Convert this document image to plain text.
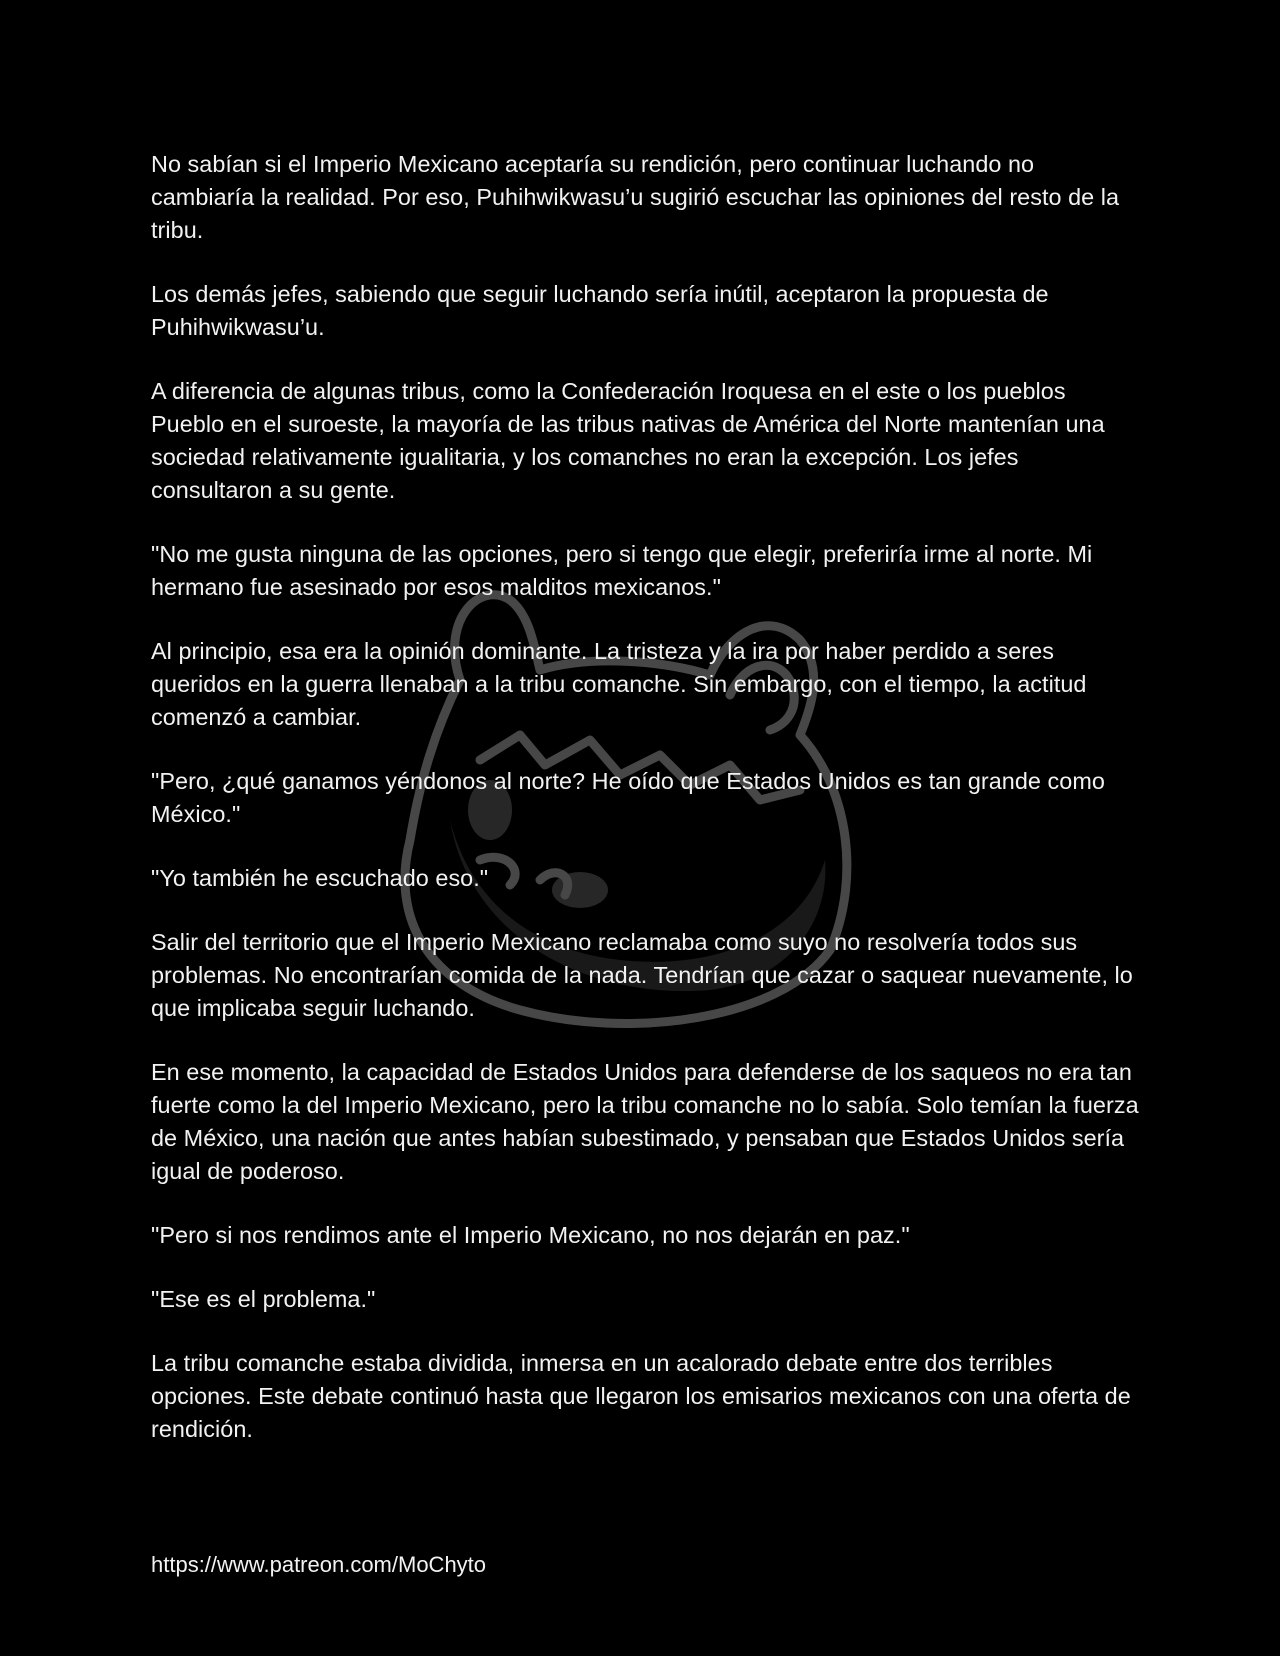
No sabían si el Imperio Mexicano aceptaría su rendición, pero continuar luchando no cambiaría la realidad. Por eso, Puhihwikwasu’u sugirió escuchar las opiniones del resto de la tribu.

Los demás jefes, sabiendo que seguir luchando sería inútil, aceptaron la propuesta de Puhihwikwasu’u.

A diferencia de algunas tribus, como la Confederación Iroquesa en el este o los pueblos Pueblo en el suroeste, la mayoría de las tribus nativas de América del Norte mantenían una sociedad relativamente igualitaria, y los comanches no eran la excepción. Los jefes consultaron a su gente.

"No me gusta ninguna de las opciones, pero si tengo que elegir, preferiría irme al norte. Mi hermano fue asesinado por esos malditos mexicanos."

Al principio, esa era la opinión dominante. La tristeza y la ira por haber perdido a seres queridos en la guerra llenaban a la tribu comanche. Sin embargo, con el tiempo, la actitud comenzó a cambiar.

"Pero, ¿qué ganamos yéndonos al norte? He oído que Estados Unidos es tan grande como México."

"Yo también he escuchado eso."

Salir del territorio que el Imperio Mexicano reclamaba como suyo no resolvería todos sus problemas. No encontrarían comida de la nada. Tendrían que cazar o saquear nuevamente, lo que implicaba seguir luchando.

En ese momento, la capacidad de Estados Unidos para defenderse de los saqueos no era tan fuerte como la del Imperio Mexicano, pero la tribu comanche no lo sabía. Solo temían la fuerza de México, una nación que antes habían subestimado, y pensaban que Estados Unidos sería igual de poderoso.

"Pero si nos rendimos ante el Imperio Mexicano, no nos dejarán en paz."

"Ese es el problema."

La tribu comanche estaba dividida, inmersa en un acalorado debate entre dos terribles opciones. Este debate continuó hasta que llegaron los emisarios mexicanos con una oferta de rendición.

https://www.patreon.com/MoChyto
